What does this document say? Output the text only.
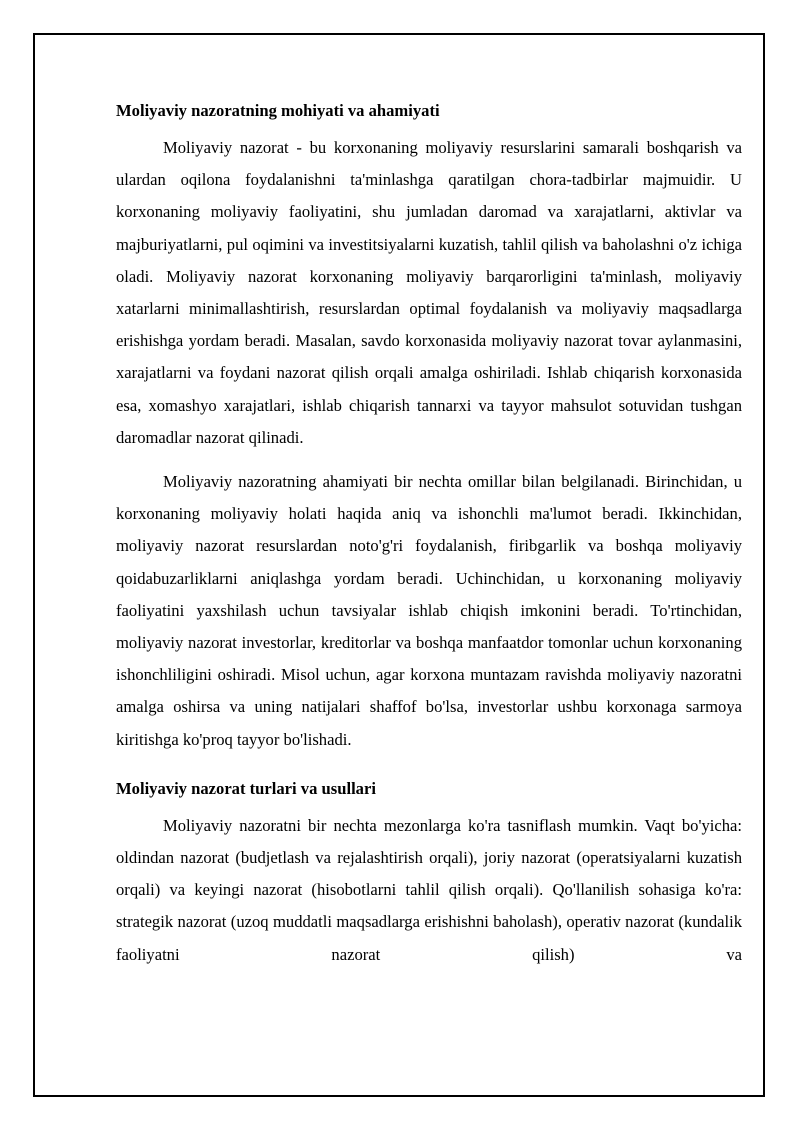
Moliyaviy nazoratning mohiyati va ahamiyati

Moliyaviy nazorat - bu korxonaning moliyaviy resurslarini samarali boshqarish va ulardan oqilona foydalanishni ta'minlashga qaratilgan chora-tadbirlar majmuidir. U korxonaning moliyaviy faoliyatini, shu jumladan daromad va xarajatlarni, aktivlar va majburiyatlarni, pul oqimini va investitsiyalarni kuzatish, tahlil qilish va baholashni o'z ichiga oladi. Moliyaviy nazorat korxonaning moliyaviy barqarorligini ta'minlash, moliyaviy xatarlarni minimallashtirish, resurslardan optimal foydalanish va moliyaviy maqsadlarga erishishga yordam beradi. Masalan, savdo korxonasida moliyaviy nazorat tovar aylanmasini, xarajatlarni va foydani nazorat qilish orqali amalga oshiriladi. Ishlab chiqarish korxonasida esa, xomashyo xarajatlari, ishlab chiqarish tannarxi va tayyor mahsulot sotuvidan tushgan daromadlar nazorat qilinadi.

Moliyaviy nazoratning ahamiyati bir nechta omillar bilan belgilanadi. Birinchidan, u korxonaning moliyaviy holati haqida aniq va ishonchli ma'lumot beradi. Ikkinchidan, moliyaviy nazorat resurslardan noto'g'ri foydalanish, firibgarlik va boshqa moliyaviy qoidabuzarliklarni aniqlashga yordam beradi. Uchinchidan, u korxonaning moliyaviy faoliyatini yaxshilash uchun tavsiyalar ishlab chiqish imkonini beradi. To'rtinchidan, moliyaviy nazorat investorlar, kreditorlar va boshqa manfaatdor tomonlar uchun korxonaning ishonchliligini oshiradi. Misol uchun, agar korxona muntazam ravishda moliyaviy nazoratni amalga oshirsa va uning natijalari shaffof bo'lsa, investorlar ushbu korxonaga sarmoya kiritishga ko'proq tayyor bo'lishadi.

Moliyaviy nazorat turlari va usullari

Moliyaviy nazoratni bir nechta mezonlarga ko'ra tasniflash mumkin. Vaqt bo'yicha: oldindan nazorat (budjetlash va rejalashtirish orqali), joriy nazorat (operatsiyalarni kuzatish orqali) va keyingi nazorat (hisobotlarni tahlil qilish orqali). Qo'llanilish sohasiga ko'ra: strategik nazorat (uzoq muddatli maqsadlarga erishishni baholash), operativ nazorat (kundalik faoliyatni nazorat qilish) va
